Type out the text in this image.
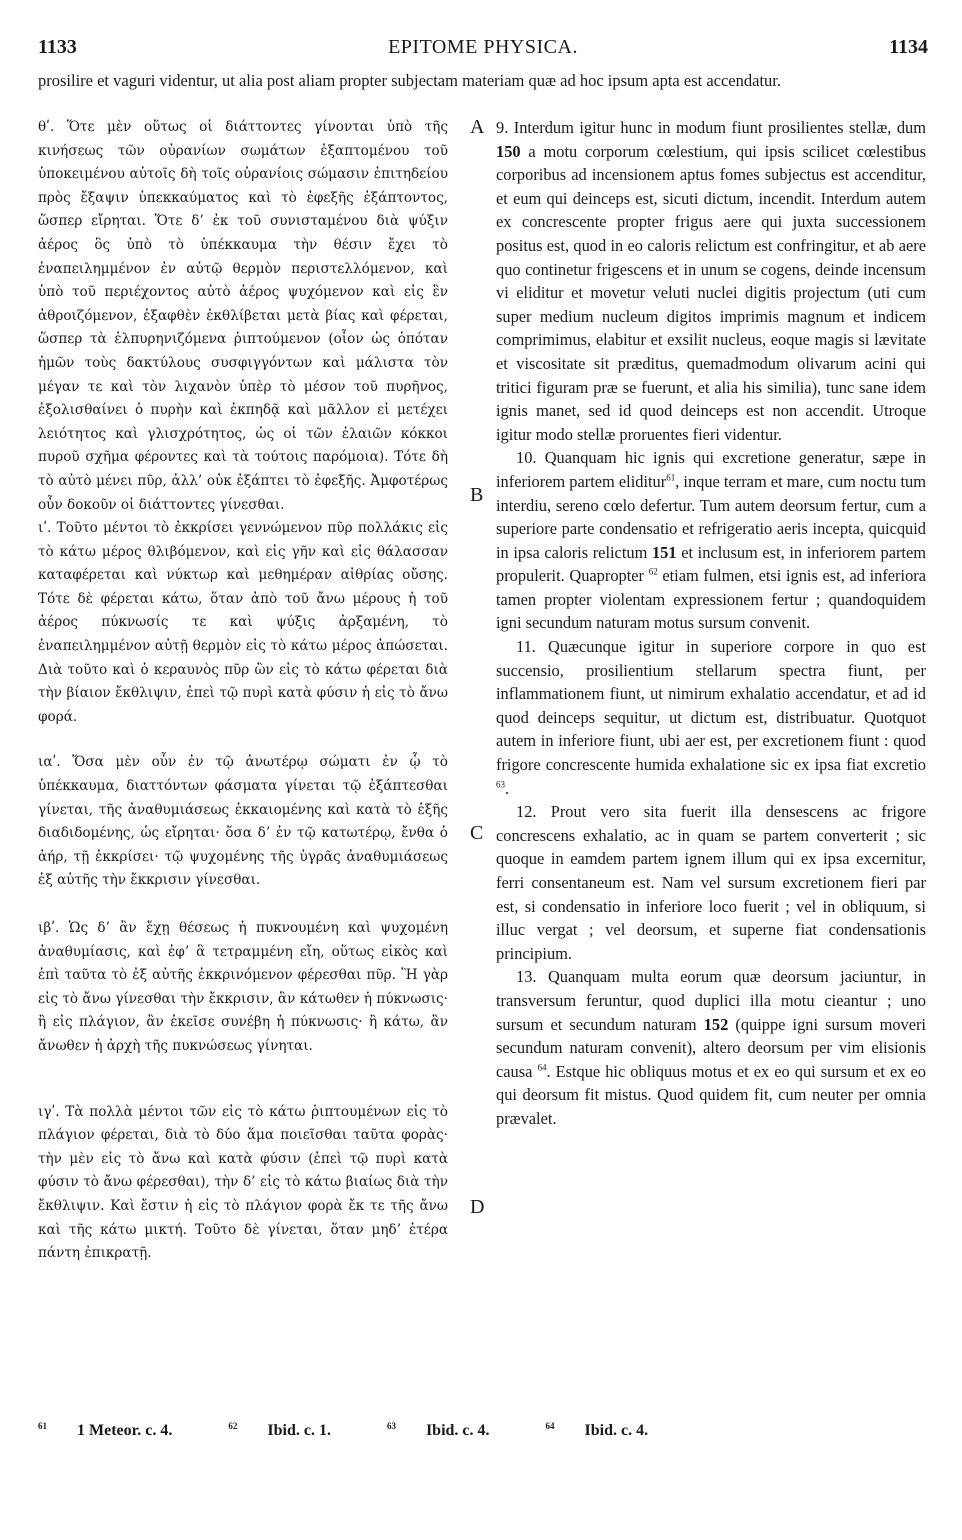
1133	EPITOME PHYSICA.	1134

prosilire et vaguri videntur, ut alia post aliam propter subjectam materiam quæ ad hoc ipsum apta est accendatur.

θʹ. Ὅτε μὲν οὕτως οἱ διάττοντες γίνονται ὑπὸ τῆς κινήσεως τῶν οὐρανίων σωμάτων ἐξαπτομένου τοῦ ὑποκειμένου αὐτοῖς δὴ τοῖς οὐρανίοις σώμασιν ἐπιτηδείου πρὸς ἔξαψιν ὑπεκκαύματος καὶ τὸ ἐφεξῆς ἐξάπτοντος, ὥσπερ εἴρηται. Ὅτε δ’ ἐκ τοῦ συνισταμένου διὰ ψύξιν ἀέρος ὃς ὑπὸ τὸ ὑπέκκαυμα τὴν θέσιν ἔχει τὸ ἐναπειλημμένον ἐν αὐτῷ θερμὸν περιστελλόμενον, καὶ ὑπὸ τοῦ περιέχοντος αὐτὸ ἀέρος ψυχόμενον καὶ εἰς ἓν ἀθροιζόμενον, ἐξαφθὲν ἐκθλίβεται μετὰ βίας καὶ φέρεται, ὥσπερ τὰ ἐλπυρηνιζόμενα ῥιπτούμενον (οἷον ὡς ὁπόταν ἡμῶν τοὺς δακτύλους συσφιγγόντων καὶ μάλιστα τὸν μέγαν τε καὶ τὸν λιχανὸν ὑπὲρ τὸ μέσον τοῦ πυρῆνος, ἐξολισθαίνει ὁ πυρὴν καὶ ἐκπηδᾷ καὶ μᾶλλον εἰ μετέχει λειότητος καὶ γλισχρότητος, ὡς οἱ τῶν ἐλαιῶν κόκκοι πυροῦ σχῆμα φέροντες καὶ τὰ τούτοις παρόμοια). Τότε δὴ τὸ αὐτὸ μένει πῦρ, ἀλλ’ οὐκ ἐξάπτει τὸ ἐφεξῆς. Ἀμφοτέρως οὖν δοκοῦν οἱ διάττοντες γίνεσθαι.

ιʹ. Τοῦτο μέντοι τὸ ἐκκρίσει γεννώμενον πῦρ πολλάκις εἰς τὸ κάτω μέρος θλιβόμενον, καὶ εἰς γῆν καὶ εἰς θάλασσαν καταφέρεται καὶ νύκτωρ καὶ μεθημέραν αἰθρίας οὔσης. Τότε δὲ φέρεται κάτω, ὅταν ἀπὸ τοῦ ἄνω μέρους ἡ τοῦ ἀέρος πύκνωσίς τε καὶ ψύξις ἀρξαμένη, τὸ ἐναπειλημμένον αὐτῇ θερμὸν εἰς τὸ κάτω μέρος ἀπώσεται. Διὰ τοῦτο καὶ ὁ κεραυνὸς πῦρ ὢν εἰς τὸ κάτω φέρεται διὰ τὴν βίαιον ἔκθλιψιν, ἐπεὶ τῷ πυρὶ κατὰ φύσιν ἡ εἰς τὸ ἄνω φορά.

ιαʹ. Ὅσα μὲν οὖν ἐν τῷ ἀνωτέρῳ σώματι ἐν ᾧ τὸ ὑπέκκαυμα, διαττόντων φάσματα γίνεται τῷ ἐξάπτεσθαι γίνεται, τῆς ἀναθυμιάσεως ἐκκαιομένης καὶ κατὰ τὸ ἑξῆς διαδιδομένης, ὡς εἴρηται· ὅσα δ’ ἐν τῷ κατωτέρῳ, ἔνθα ὁ ἀήρ, τῇ ἐκκρίσει· τῷ ψυχομένης τῆς ὑγρᾶς ἀναθυμιάσεως ἐξ αὐτῆς τὴν ἔκκρισιν γίνεσθαι.

ιβʹ. Ὡς δ’ ἂν ἔχῃ θέσεως ἡ πυκνουμένη καὶ ψυχομένη ἀναθυμίασις, καὶ ἐφ’ ἃ τετραμμένη εἴη, οὕτως εἰκὸς καὶ ἐπὶ ταῦτα τὸ ἐξ αὐτῆς ἐκκρινόμενον φέρεσθαι πῦρ. Ἢ γὰρ εἰς τὸ ἄνω γίνεσθαι τὴν ἔκκρισιν, ἂν κάτωθεν ἡ πύκνωσις· ἢ εἰς πλάγιον, ἂν ἐκεῖσε συνέβη ἡ πύκνωσις· ἢ κάτω, ἂν ἄνωθεν ἡ ἀρχὴ τῆς πυκνώσεως γίνηται.

ιγʹ. Τὰ πολλὰ μέντοι τῶν εἰς τὸ κάτω ῥιπτουμένων εἰς τὸ πλάγιον φέρεται, διὰ τὸ δύο ἅμα ποιεῖσθαι ταῦτα φορὰς· τὴν μὲν εἰς τὸ ἄνω καὶ κατὰ φύσιν (ἐπεὶ τῷ πυρὶ κατὰ φύσιν τὸ ἄνω φέρεσθαι), τὴν δ’ εἰς τὸ κάτω βιαίως διὰ τὴν ἔκθλιψιν. Καὶ ἔστιν ἡ εἰς τὸ πλάγιον φορὰ ἔκ τε τῆς ἄνω καὶ τῆς κάτω μικτή. Τοῦτο δὲ γίνεται, ὅταν μηδ’ ἑτέρα πάντη ἐπικρατῇ.

A
B
C
D

9. Interdum igitur hunc in modum fiunt prosilientes stellæ, dum 150 a motu corporum cœlestium, qui ipsis scilicet cœlestibus corporibus ad incensionem aptus fomes subjectus est accenditur, et eum qui deinceps est, sicuti dictum, incendit. Interdum autem ex concrescente propter frigus aere qui juxta successionem positus est, quod in eo caloris relictum est confringitur, et ab aere quo continetur frigescens et in unum se cogens, deinde incensum vi eliditur et movetur veluti nuclei digitis projectum (uti cum super medium nucleum digitos imprimis magnum et indicem comprimimus, elabitur et exsilit nucleus, eoque magis si lævitate et viscositate sit præditus, quemadmodum olivarum acini qui tritici figuram præ se fuerunt, et alia his similia), tunc sane idem ignis manet, sed id quod deinceps est non accendit. Utroque igitur modo stellæ proruentes fieri videntur.

10. Quanquam hic ignis qui excretione generatur, sæpe in inferiorem partem eliditur$^{61}$, inque terram et mare, cum noctu tum interdiu, sereno cœlo defertur. Tum autem deorsum fertur, cum a superiore parte condensatio et refrigeratio aeris incepta, quicquid in ipsa caloris relictum 151 et inclusum est, in inferiorem partem propulerit. Quapropter $^{62}$ etiam fulmen, etsi ignis est, ad inferiora tamen propter violentam expressionem fertur ; quandoquidem igni secundum naturam motus sursum convenit.

11. Quæcunque igitur in superiore corpore in quo est succensio, prosilientium stellarum spectra fiunt, per inflammationem fiunt, ut nimirum exhalatio accendatur, et ad id quod deinceps sequitur, ut dictum est, distribuatur. Quotquot autem in inferiore fiunt, ubi aer est, per excretionem fiunt : quod frigore concrescente humida exhalatione sic ex ipsa fiat excretio $^{63}$.

12. Prout vero sita fuerit illa densescens ac frigore concrescens exhalatio, ac in quam se partem converterit ; sic quoque in eamdem partem ignem illum qui ex ipsa excernitur, ferri consentaneum est. Nam vel sursum excretionem fieri par est, si condensatio in inferiore loco fuerit ; vel in obliquum, si illuc vergat ; vel deorsum, et superne fiat condensationis principium.

13. Quanquam multa eorum quæ deorsum jaciuntur, in transversum feruntur, quod duplici illa motu cieantur ; uno sursum et secundum naturam 152 (quippe igni sursum moveri secundum naturam convenit), altero deorsum per vim elisionis causa $^{64}$. Estque hic obliquus motus et ex eo qui sursum et ex eo qui deorsum fit mistus. Quod quidem fit, cum neuter per omnia prævalet.

$^{61}$ 1 Meteor. c. 4.	$^{62}$ Ibid. c. 1.	$^{63}$ Ibid. c. 4.	$^{64}$ Ibid. c. 4.
